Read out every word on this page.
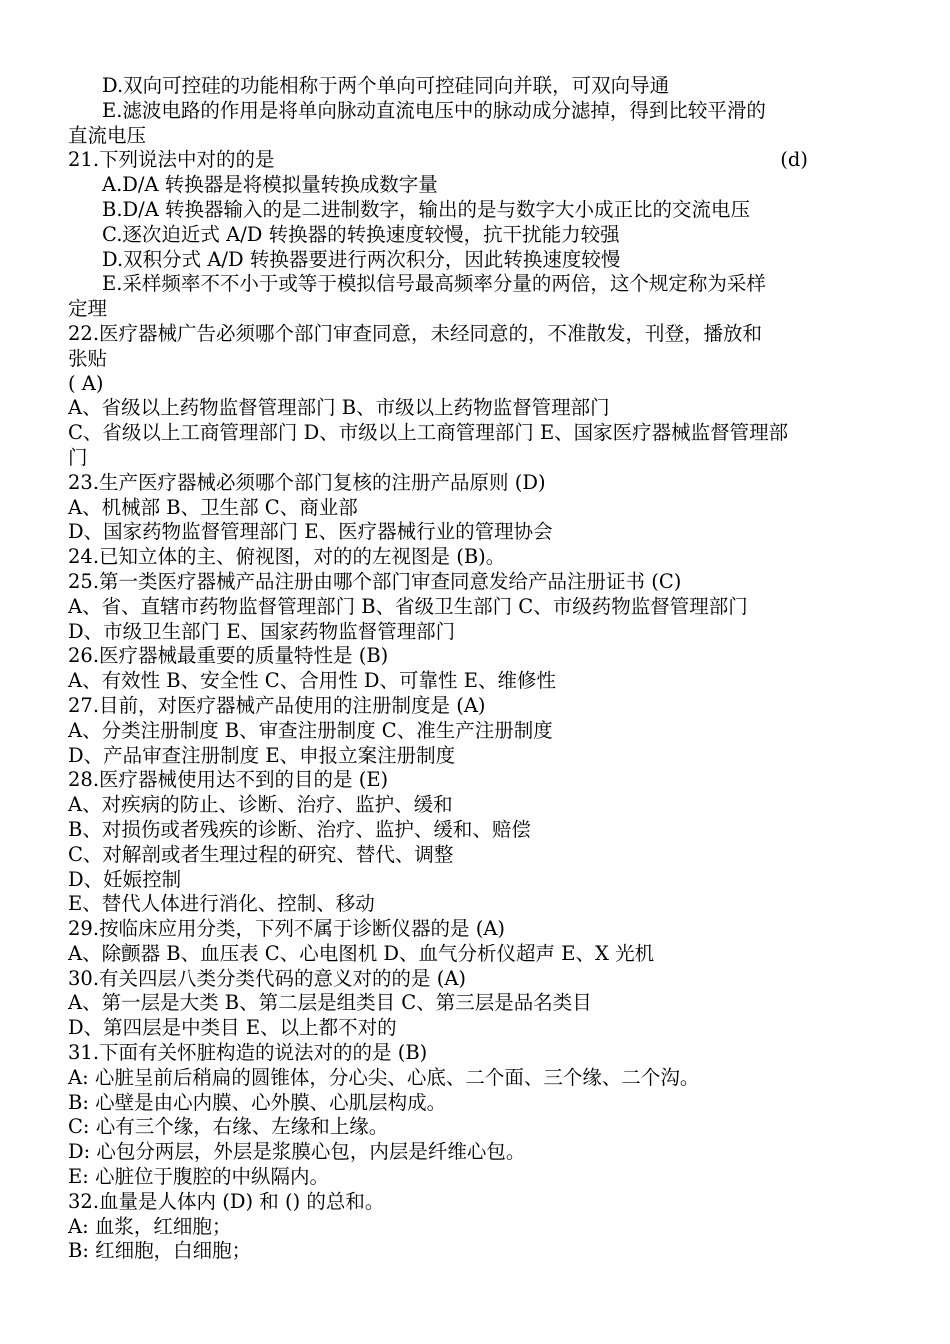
D.双向可控硅的功能相称于两个单向可控硅同向并联，可双向导通
E.滤波电路的作用是将单向脉动直流电压中的脉动成分滤掉，得到比较平滑的
直流电压
21.下列说法中对的的是	(d)
A.D/A 转换器是将模拟量转换成数字量
B.D/A 转换器输入的是二进制数字，输出的是与数字大小成正比的交流电压
C.逐次迫近式 A/D 转换器的转换速度较慢，抗干扰能力较强
D.双积分式 A/D 转换器要进行两次积分，因此转换速度较慢
E.采样频率不不小于或等于模拟信号最高频率分量的两倍，这个规定称为采样
定理
22.医疗器械广告必须哪个部门审查同意，未经同意的，不准散发，刊登，播放和
张贴
( A)
A、省级以上药物监督管理部门 B、市级以上药物监督管理部门
C、省级以上工商管理部门 D、市级以上工商管理部门 E、国家医疗器械监督管理部
门
23.生产医疗器械必须哪个部门复核的注册产品原则 (D)
A、机械部 B、卫生部 C、商业部
D、国家药物监督管理部门 E、医疗器械行业的管理协会
24.已知立体的主、俯视图，对的的左视图是 (B)。
25.第一类医疗器械产品注册由哪个部门审查同意发给产品注册证书 (C)
A、省、直辖市药物监督管理部门 B、省级卫生部门 C、市级药物监督管理部门
D、市级卫生部门 E、国家药物监督管理部门
26.医疗器械最重要的质量特性是 (B)
A、有效性 B、安全性 C、合用性 D、可靠性 E、维修性
27.目前，对医疗器械产品使用的注册制度是 (A)
A、分类注册制度 B、审查注册制度 C、准生产注册制度
D、产品审查注册制度 E、申报立案注册制度
28.医疗器械使用达不到的目的是 (E)
A、对疾病的防止、诊断、治疗、监护、缓和
B、对损伤或者残疾的诊断、治疗、监护、缓和、赔偿
C、对解剖或者生理过程的研究、替代、调整
D、妊娠控制
E、替代人体进行消化、控制、移动
29.按临床应用分类，下列不属于诊断仪器的是 (A)
A、除颤器 B、血压表 C、心电图机 D、血气分析仪超声 E、X 光机
30.有关四层八类分类代码的意义对的的是 (A)
A、第一层是大类 B、第二层是组类目 C、第三层是品名类目
D、第四层是中类目 E、以上都不对的
31.下面有关怀脏构造的说法对的的是 (B)
A: 心脏呈前后稍扁的圆锥体，分心尖、心底、二个面、三个缘、二个沟。
B: 心壁是由心内膜、心外膜、心肌层构成。
C: 心有三个缘，右缘、左缘和上缘。
D: 心包分两层，外层是浆膜心包，内层是纤维心包。
E: 心脏位于腹腔的中纵隔内。
32.血量是人体内 (D) 和 () 的总和。
A: 血浆，红细胞；
B: 红细胞，白细胞；
